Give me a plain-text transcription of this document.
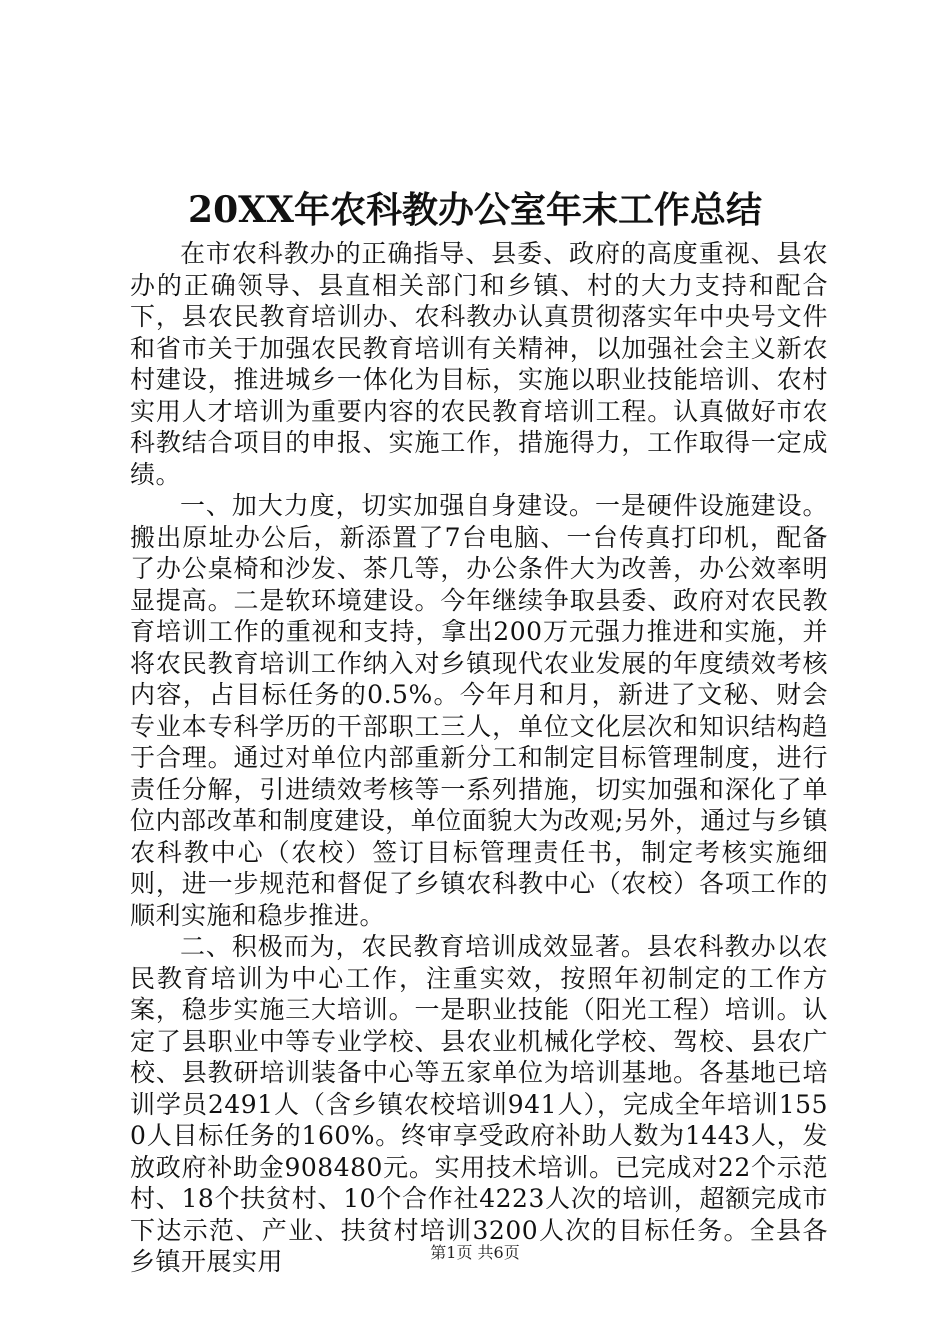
20XX年农科教办公室年末工作总结

在市农科教办的正确指导、县委、政府的高度重视、县农办的正确领导、县直相关部门和乡镇、村的大力支持和配合下，县农民教育培训办、农科教办认真贯彻落实年中央号文件和省市关于加强农民教育培训有关精神，以加强社会主义新农村建设，推进城乡一体化为目标，实施以职业技能培训、农村实用人才培训为重要内容的农民教育培训工程。认真做好市农科教结合项目的申报、实施工作，措施得力，工作取得一定成绩。

一、加大力度，切实加强自身建设。一是硬件设施建设。搬出原址办公后，新添置了7台电脑、一台传真打印机，配备了办公桌椅和沙发、茶几等，办公条件大为改善，办公效率明显提高。二是软环境建设。今年继续争取县委、政府对农民教育培训工作的重视和支持，拿出200万元强力推进和实施，并将农民教育培训工作纳入对乡镇现代农业发展的年度绩效考核内容，占目标任务的0.5%。今年月和月，新进了文秘、财会专业本专科学历的干部职工三人，单位文化层次和知识结构趋于合理。通过对单位内部重新分工和制定目标管理制度，进行责任分解，引进绩效考核等一系列措施，切实加强和深化了单位内部改革和制度建设，单位面貌大为改观;另外，通过与乡镇农科教中心（农校）签订目标管理责任书，制定考核实施细则，进一步规范和督促了乡镇农科教中心（农校）各项工作的顺利实施和稳步推进。

二、积极而为，农民教育培训成效显著。县农科教办以农民教育培训为中心工作，注重实效，按照年初制定的工作方案，稳步实施三大培训。一是职业技能（阳光工程）培训。认定了县职业中等专业学校、县农业机械化学校、驾校、县农广校、县教研培训装备中心等五家单位为培训基地。各基地已培训学员2491人（含乡镇农校培训941人），完成全年培训1550人目标任务的160%。终审享受政府补助人数为1443人，发放政府补助金908480元。实用技术培训。已完成对22个示范村、18个扶贫村、10个合作社4223人次的培训，超额完成市下达示范、产业、扶贫村培训3200人次的目标任务。全县各乡镇开展实用	第1页 共6页
